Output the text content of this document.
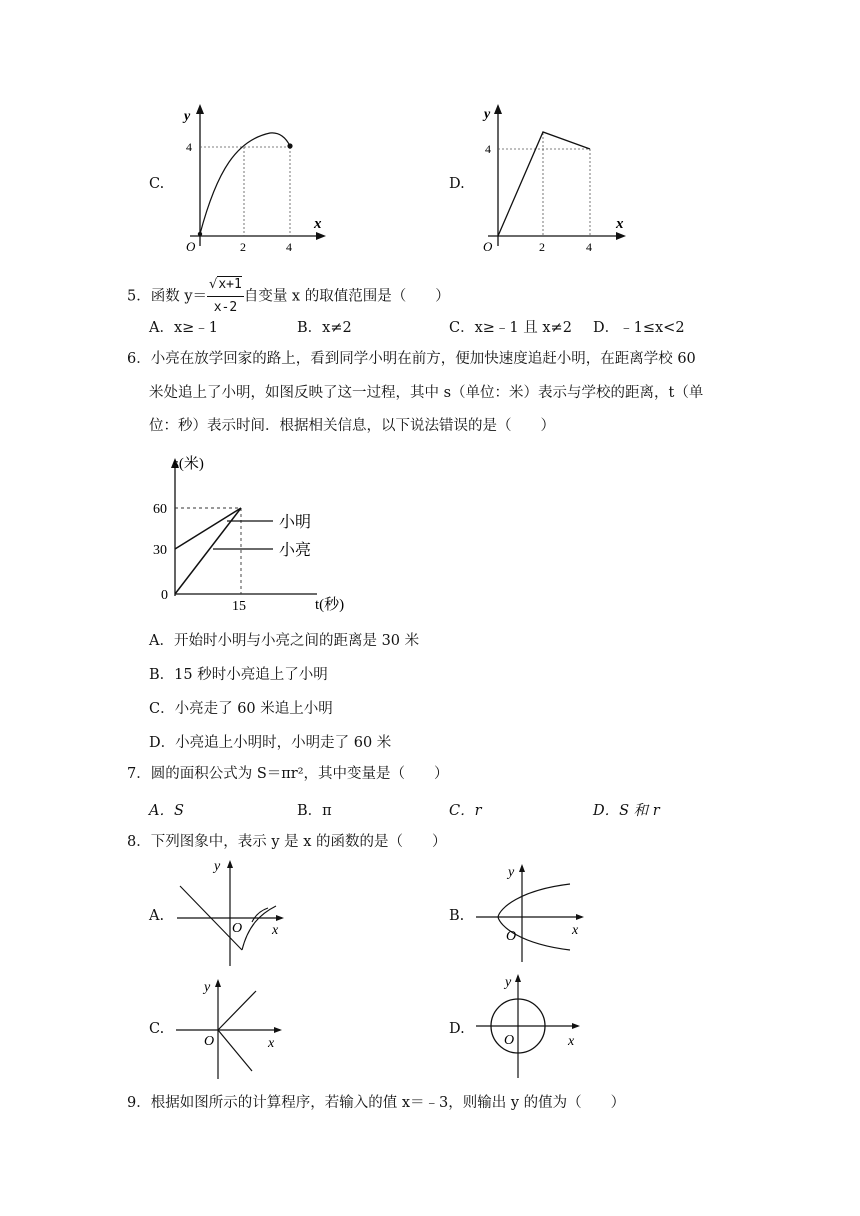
C.
y
x
O
4
2	4
D.
y
x
O
4
2	4
5．函数 $y= \frac{√x+1}{x-2}$ 自变量 x 的取值范围是（　　）
A．x≥﹣1	B．x≠2	C．x≥﹣1 且 x≠2 D．﹣1≤x<2
6．小亮在放学回家的路上，看到同学小明在前方，便加快速度追赶小明，在距离学校 60
米处追上了小明，如图反映了这一过程，其中 s（单位：米）表示与学校的距离，t（单
位：秒）表示时间．根据相关信息，以下说法错误的是（　　）
s(米)
t(秒)
60
30
0
15
小明
小亮
A．开始时小明与小亮之间的距离是 30 米
B．15 秒时小亮追上了小明
C．小亮走了 60 米追上小明
D．小亮追上小明时，小明走了 60 米
7．圆的面积公式为 S＝πr²，其中变量是（　　）
A．S	B．π	C．r	D．S 和 r
8．下列图象中，表示 y 是 x 的函数的是（　　）
A.
y
x
O
B.
y
x
O
C.
y
x
O
D.
y
x
O
9．根据如图所示的计算程序，若输入的值 x＝﹣3，则输出 y 的值为（　　）
